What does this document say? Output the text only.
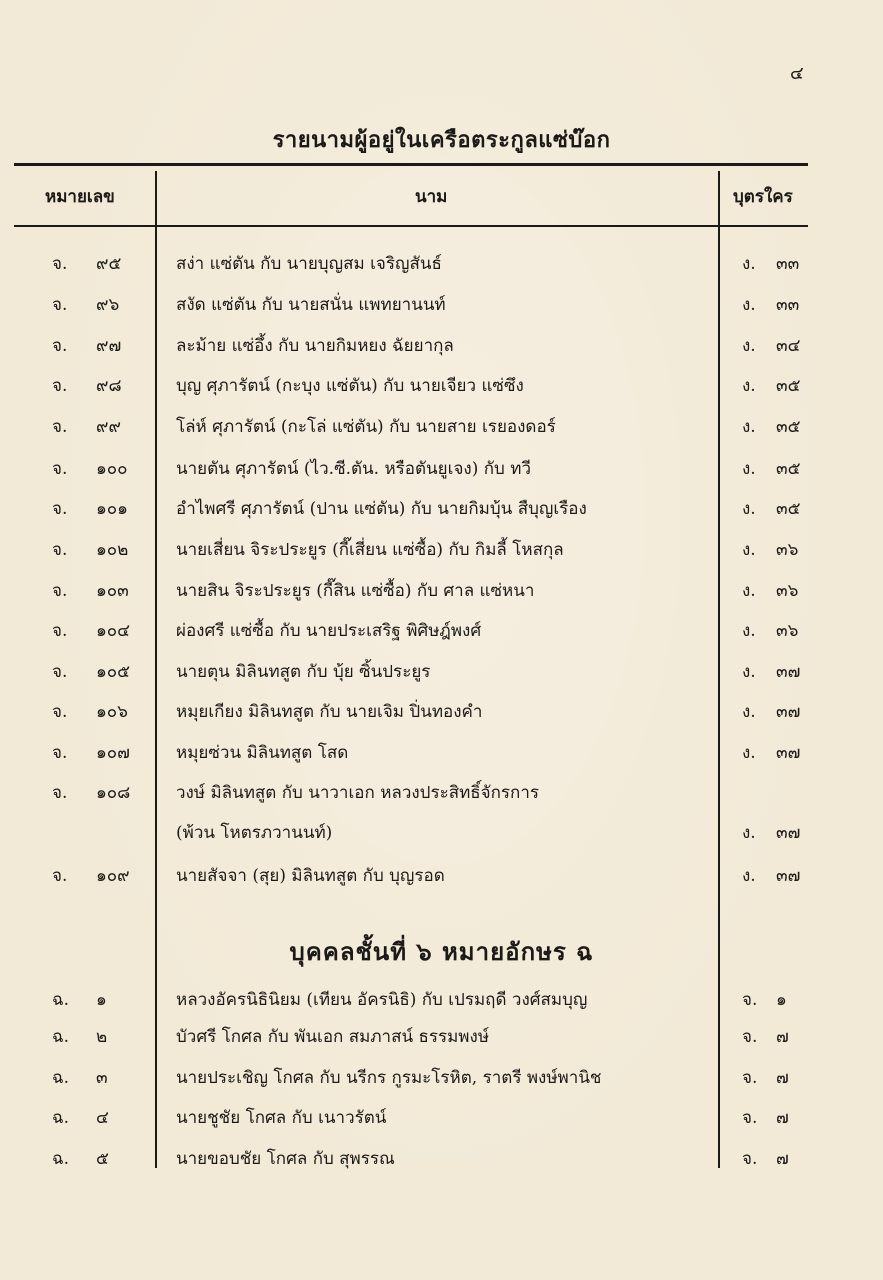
๔
รายนามผู้อยู่ในเครือตระกูลแซ่บ๊อก
หมายเลข	นาม	บุตรใคร
จ. ๙๕	สง่า แซ่ตัน กับ นายบุญสม เจริญสันธ์	ง. ๓๓
จ. ๙๖	สงัด แซ่ตัน กับ นายสนั่น แพทยานนท์	ง. ๓๓
จ. ๙๗	ละม้าย แซ่อึ้ง กับ นายกิมหยง ฉัยยากุล	ง. ๓๔
จ. ๙๘	บุญ ศุภารัตน์ (กะบุง แซ่ตัน) กับ นายเจียว แซ่ซึง	ง. ๓๕
จ. ๙๙	โล่ห์ ศุภารัตน์ (กะโล่ แซ่ตัน) กับ นายสาย เรยองดอร์	ง. ๓๕
จ. ๑๐๐	นายตัน ศุภารัตน์ (ไว.ซี.ตัน. หรือตันยูเจง) กับ ทวี	ง. ๓๕
จ. ๑๐๑	อำไพศรี ศุภารัตน์ (ปาน แซ่ตัน) กับ นายกิมบุ้น สืบุญเรือง	ง. ๓๕
จ. ๑๐๒	นายเสี่ยน จิระประยูร (กี๊เสี่ยน แซ่ซื้อ) กับ กิมลี้ โหสกุล	ง. ๓๖
จ. ๑๐๓	นายสิน จิระประยูร (กี๊สิน แซ่ซื้อ) กับ ศาล แซ่หนา	ง. ๓๖
จ. ๑๐๔	ผ่องศรี แซ่ซื้อ กับ นายประเสริฐ พิศิษฎ์พงศ์	ง. ๓๖
จ. ๑๐๕	นายตุน มิลินทสูต กับ บุ้ย ซิ้นประยูร	ง. ๓๗
จ. ๑๐๖	หมุยเกียง มิลินทสูต กับ นายเจิม ปิ่นทองคำ	ง. ๓๗
จ. ๑๐๗	หมุยซ่วน มิลินทสูต โสด	ง. ๓๗
จ. ๑๐๘	วงษ์ มิลินทสูต กับ นาวาเอก หลวงประสิทธิ์จักรการ
(พ้วน โหตรภวานนท์)	ง. ๓๗
จ. ๑๐๙	นายสัจจา (สุย) มิลินทสูต กับ บุญรอด	ง. ๓๗
บุคคลชั้นที่ ๖ หมายอักษร ฉ
ฉ. ๑	หลวงอัครนิธินิยม (เทียน อัครนิธิ) กับ เปรมฤดี วงศ์สมบุญ	จ. ๑
ฉ. ๒	บัวศรี โกศล กับ พันเอก สมภาสน์ ธรรมพงษ์	จ. ๗
ฉ. ๓	นายประเชิญ โกศล กับ นรีกร กูรมะโรหิต, ราตรี พงษ์พานิช	จ. ๗
ฉ. ๔	นายชูชัย โกศล กับ เนาวรัตน์	จ. ๗
ฉ. ๕	นายขอบชัย โกศล กับ สุพรรณ	จ. ๗
